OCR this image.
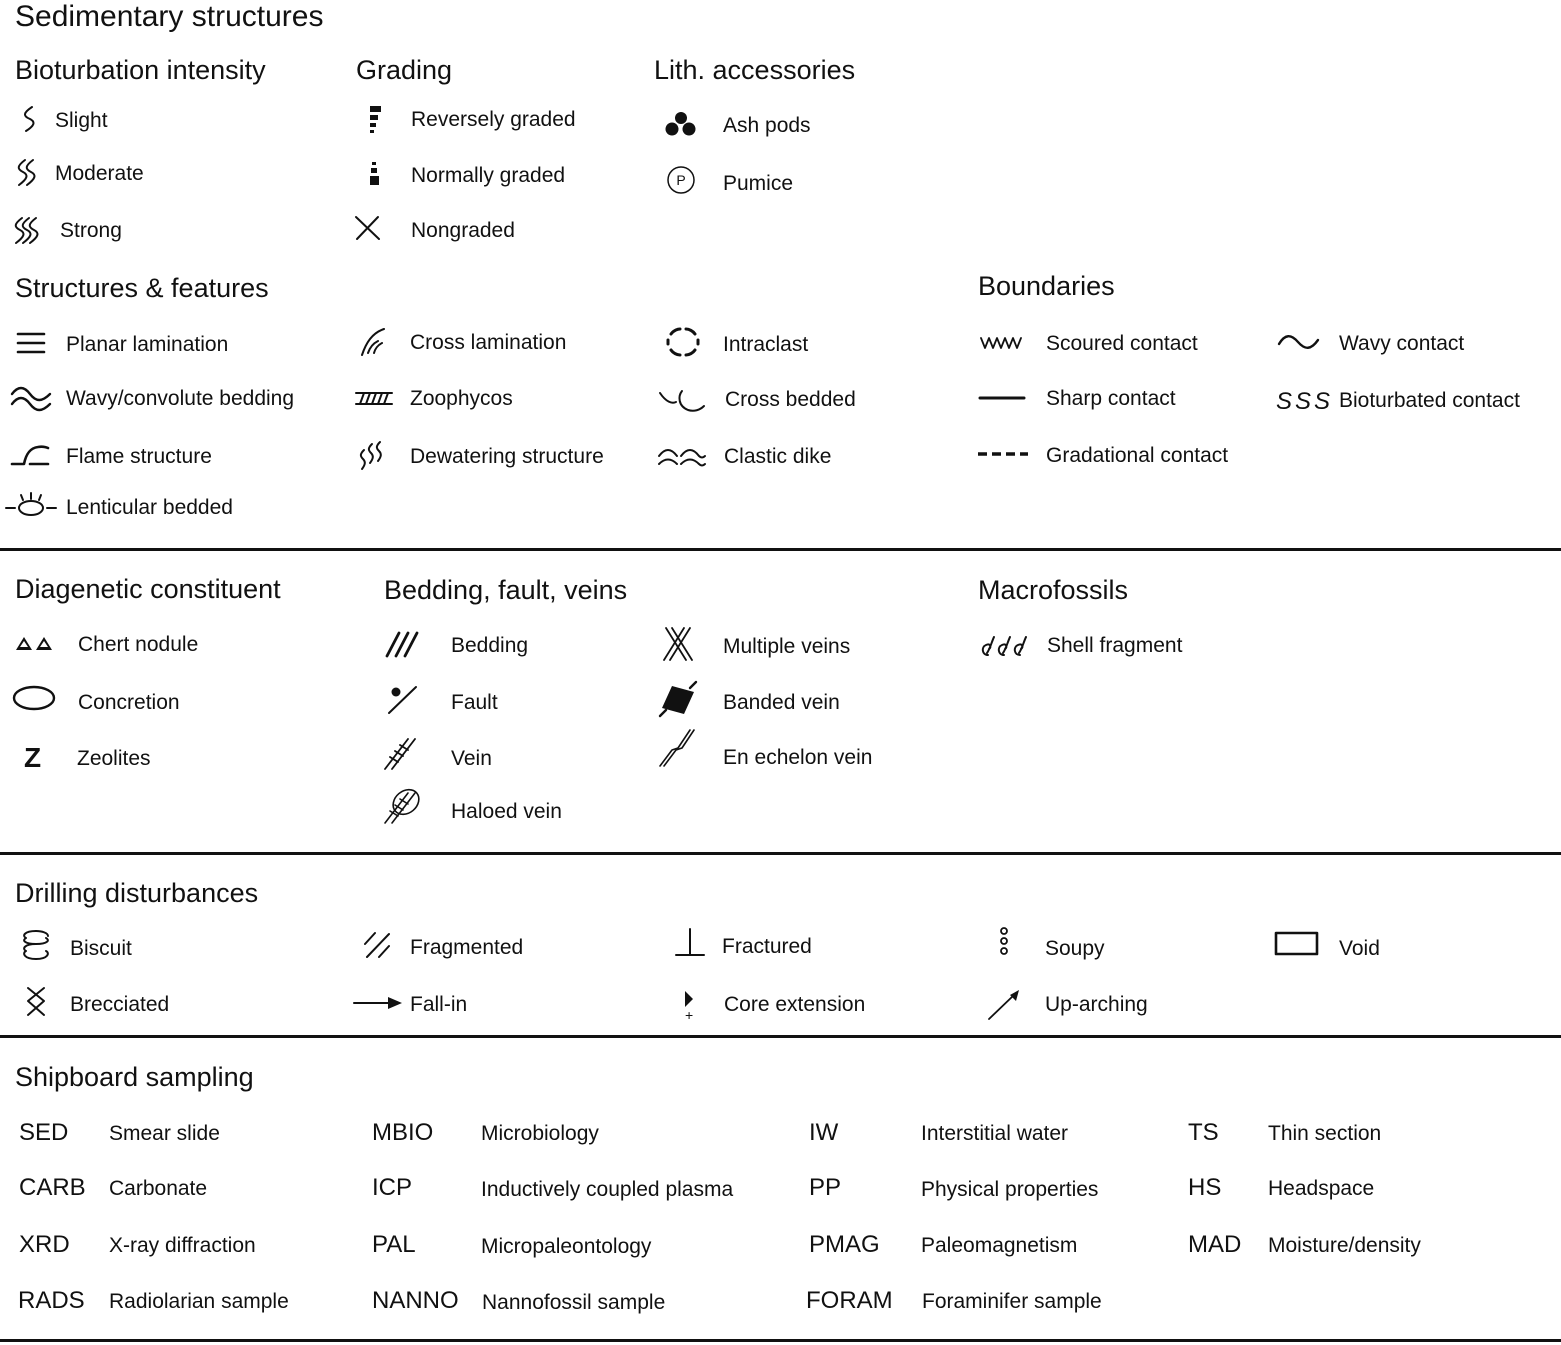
Sedimentary structures
Bioturbation intensity
Slight
Moderate
Strong
Grading
Reversely graded
Normally graded
Nongraded
Lith. accessories
Ash pods
P Pumice
Structures & features
Planar lamination
Wavy/convolute bedding
Flame structure
Lenticular bedded
Cross lamination
Zoophycos
Dewatering structure
Intraclast
Cross bedded
Clastic dike
Boundaries
Scoured contact
Sharp contact
Gradational contact
Wavy contact
SSS Bioturbated contact
Diagenetic constituent
Chert nodule
Concretion
Z Zeolites
Bedding, fault, veins
Bedding
Fault
Vein
Haloed vein
Multiple veins
Banded vein
En echelon vein
Macrofossils
Shell fragment
Drilling disturbances
Biscuit
Brecciated
Fragmented
Fall-in
Fractured
+ Core extension
Soupy
Up-arching
Void
Shipboard sampling
SED Smear slide
CARB Carbonate
XRD X-ray diffraction
RADS Radiolarian sample
MBIO Microbiology
ICP	Inductively coupled plasma
PAL	Micropaleontology
NANNO Nannofossil sample
IW	Interstitial water
PP	Physical properties
PMAG Paleomagnetism
FORAM Foraminifer sample
TS Thin section
HS Headspace
MAD Moisture/density
